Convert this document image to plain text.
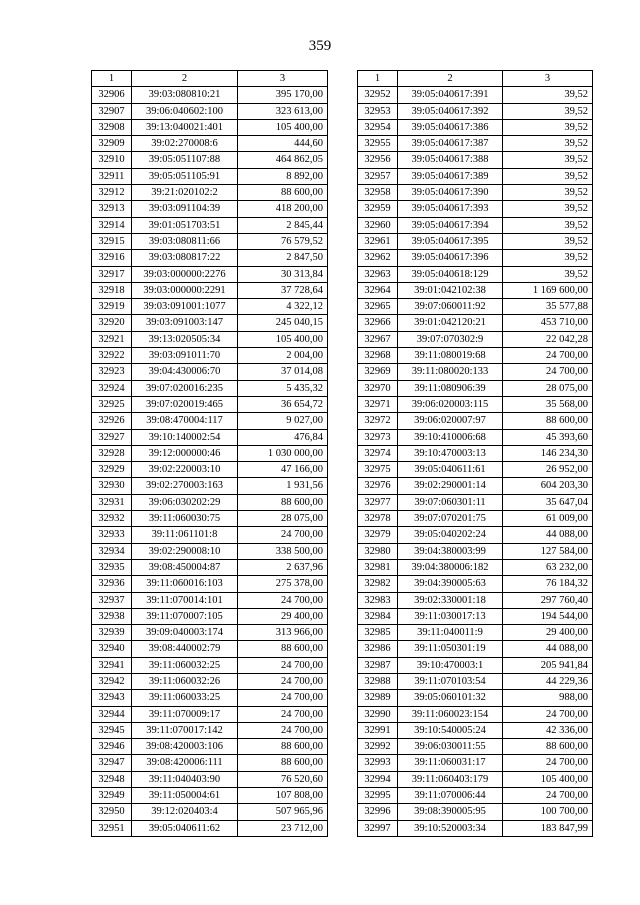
359
1	2	3
32906	39:03:080810:21	395 170,00
32907	39:06:040602:100	323 613,00
32908	39:13:040021:401	105 400,00
32909	39:02:270008:6	444,60
32910	39:05:051107:88	464 862,05
32911	39:05:051105:91	8 892,00
32912	39:21:020102:2	88 600,00
32913	39:03:091104:39	418 200,00
32914	39:01:051703:51	2 845,44
32915	39:03:080811:66	76 579,52
32916	39:03:080817:22	2 847,50
32917	39:03:000000:2276	30 313,84
32918	39:03:000000:2291	37 728,64
32919	39:03:091001:1077	4 322,12
32920	39:03:091003:147	245 040,15
32921	39:13:020505:34	105 400,00
32922	39:03:091011:70	2 004,00
32923	39:04:430006:70	37 014,08
32924	39:07:020016:235	5 435,32
32925	39:07:020019:465	36 654,72
32926	39:08:470004:117	9 027,00
32927	39:10:140002:54	476,84
32928	39:12:000000:46	1 030 000,00
32929	39:02:220003:10	47 166,00
32930	39:02:270003:163	1 931,56
32931	39:06:030202:29	88 600,00
32932	39:11:060030:75	28 075,00
32933	39:11:061101:8	24 700,00
32934	39:02:290008:10	338 500,00
32935	39:08:450004:87	2 637,96
32936	39:11:060016:103	275 378,00
32937	39:11:070014:101	24 700,00
32938	39:11:070007:105	29 400,00
32939	39:09:040003:174	313 966,00
32940	39:08:440002:79	88 600,00
32941	39:11:060032:25	24 700,00
32942	39:11:060032:26	24 700,00
32943	39:11:060033:25	24 700,00
32944	39:11:070009:17	24 700,00
32945	39:11:070017:142	24 700,00
32946	39:08:420003:106	88 600,00
32947	39:08:420006:111	88 600,00
32948	39:11:040403:90	76 520,60
32949	39:11:050004:61	107 808,00
32950	39:12:020403:4	507 965,96
32951	39:05:040611:62	23 712,00
1	2	3
32952	39:05:040617:391	39,52
32953	39:05:040617:392	39,52
32954	39:05:040617:386	39,52
32955	39:05:040617:387	39,52
32956	39:05:040617:388	39,52
32957	39:05:040617:389	39,52
32958	39:05:040617:390	39,52
32959	39:05:040617:393	39,52
32960	39:05:040617:394	39,52
32961	39:05:040617:395	39,52
32962	39:05:040617:396	39,52
32963	39:05:040618:129	39,52
32964	39:01:042102:38	1 169 600,00
32965	39:07:060011:92	35 577,88
32966	39:01:042120:21	453 710,00
32967	39:07:070302:9	22 042,28
32968	39:11:080019:68	24 700,00
32969	39:11:080020:133	24 700,00
32970	39:11:080906:39	28 075,00
32971	39:06:020003:115	35 568,00
32972	39:06:020007:97	88 600,00
32973	39:10:410006:68	45 393,60
32974	39:10:470003:13	146 234,30
32975	39:05:040611:61	26 952,00
32976	39:02:290001:14	604 203,30
32977	39:07:060301:11	35 647,04
32978	39:07:070201:75	61 009,00
32979	39:05:040202:24	44 088,00
32980	39:04:380003:99	127 584,00
32981	39:04:380006:182	63 232,00
32982	39:04:390005:63	76 184,32
32983	39:02:330001:18	297 760,40
32984	39:11:030017:13	194 544,00
32985	39:11:040011:9	29 400,00
32986	39:11:050301:19	44 088,00
32987	39:10:470003:1	205 941,84
32988	39:11:070103:54	44 229,36
32989	39:05:060101:32	988,00
32990	39:11:060023:154	24 700,00
32991	39:10:540005:24	42 336,00
32992	39:06:030011:55	88 600,00
32993	39:11:060031:17	24 700,00
32994	39:11:060403:179	105 400,00
32995	39:11:070006:44	24 700,00
32996	39:08:390005:95	100 700,00
32997	39:10:520003:34	183 847,99
